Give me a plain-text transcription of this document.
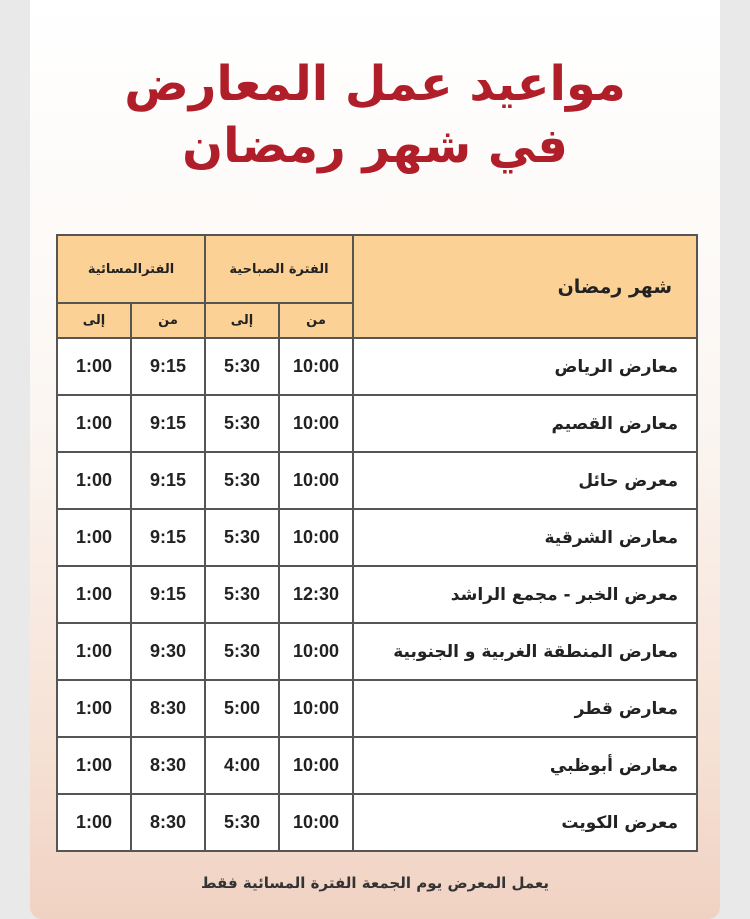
مواعيد عمل المعارض
في شهر رمضان
شهر رمضان	الفترة الصباحية		الفترالمسائية	
	من	إلى	من	إلى
معارض الرياض	10:00	5:30	9:15	1:00
معارض القصيم	10:00	5:30	9:15	1:00
معرض حائل	10:00	5:30	9:15	1:00
معارض الشرقية	10:00	5:30	9:15	1:00
معرض الخبر - مجمع الراشد	12:30	5:30	9:15	1:00
معارض المنطقة الغربية و الجنوبية	10:00	5:30	9:30	1:00
معارض قطر	10:00	5:00	8:30	1:00
معارض أبوظبي	10:00	4:00	8:30	1:00
معرض الكويت	10:00	5:30	8:30	1:00
يعمل المعرض يوم الجمعة الفترة المسائية فقط
